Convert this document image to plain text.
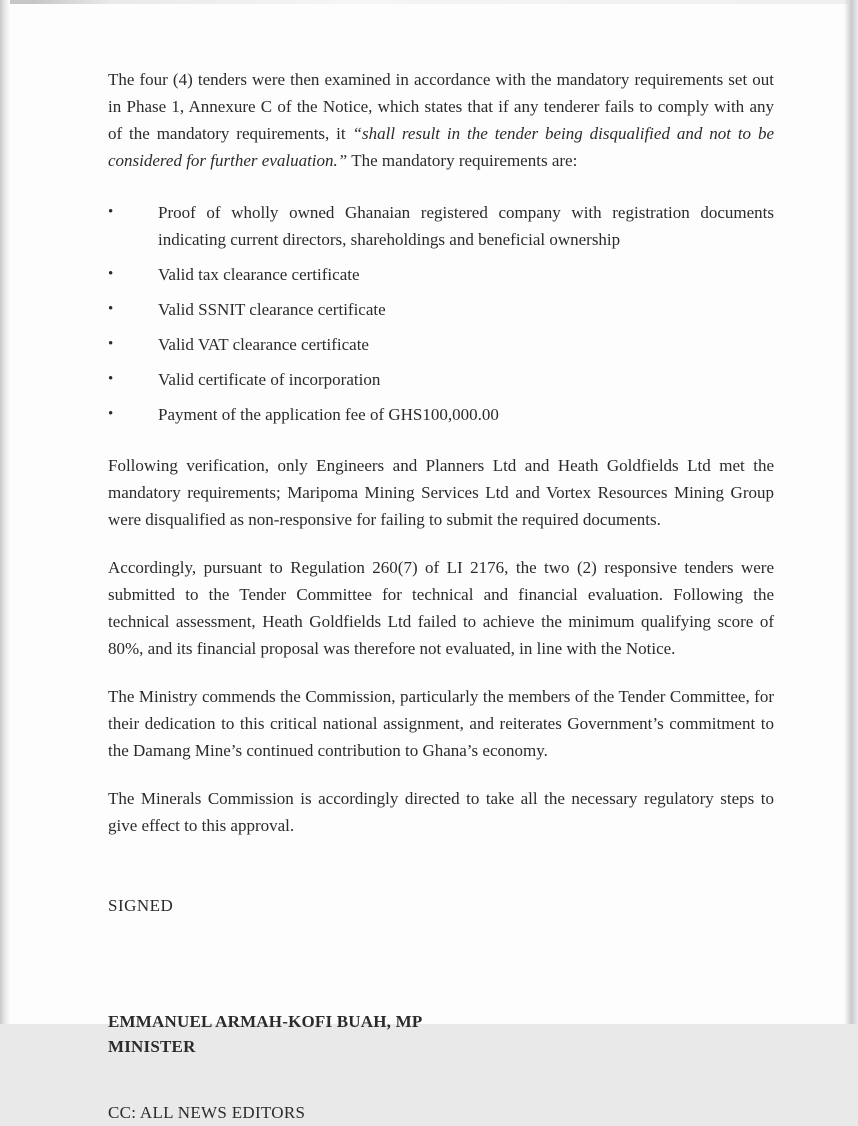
The four (4) tenders were then examined in accordance with the mandatory requirements set out in Phase 1, Annexure C of the Notice, which states that if any tenderer fails to comply with any of the mandatory requirements, it “shall result in the tender being disqualified and not to be considered for further evaluation.” The mandatory requirements are:

•	Proof of wholly owned Ghanaian registered company with registration documents indicating current directors, shareholdings and beneficial ownership
•	Valid tax clearance certificate
•	Valid SSNIT clearance certificate
•	Valid VAT clearance certificate
•	Valid certificate of incorporation
•	Payment of the application fee of GHS100,000.00

Following verification, only Engineers and Planners Ltd and Heath Goldfields Ltd met the mandatory requirements; Maripoma Mining Services Ltd and Vortex Resources Mining Group were disqualified as non-responsive for failing to submit the required documents.

Accordingly, pursuant to Regulation 260(7) of LI 2176, the two (2) responsive tenders were submitted to the Tender Committee for technical and financial evaluation. Following the technical assessment, Heath Goldfields Ltd failed to achieve the minimum qualifying score of 80%, and its financial proposal was therefore not evaluated, in line with the Notice.

The Ministry commends the Commission, particularly the members of the Tender Committee, for their dedication to this critical national assignment, and reiterates Government’s commitment to the Damang Mine’s continued contribution to Ghana’s economy.

The Minerals Commission is accordingly directed to take all the necessary regulatory steps to give effect to this approval.

SIGNED
EMMANUEL ARMAH-KOFI BUAH, MP
MINISTER
CC: ALL NEWS EDITORS
